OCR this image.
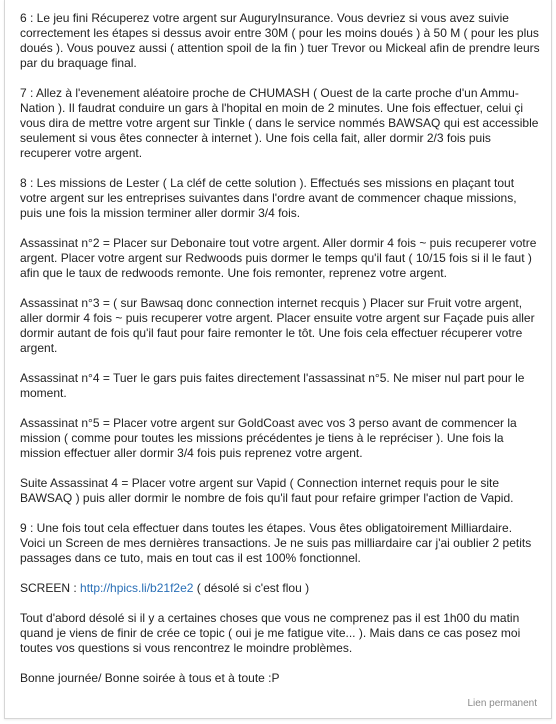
6 : Le jeu fini Récuperez votre argent sur AuguryInsurance. Vous devriez si vous avez suivie correctement les étapes si dessus avoir entre 30M ( pour les moins doués ) à 50 M ( pour les plus doués ). Vous pouvez aussi ( attention spoil de la fin ) tuer Trevor ou Mickeal afin de prendre leurs par du braquage final.

7 : Allez à l'evenement aléatoire proche de CHUMASH ( Ouest de la carte proche d'un Ammu-Nation ). Il faudrat conduire un gars à l'hopital en moin de 2 minutes. Une fois effectuer, celui çi vous dira de mettre votre argent sur Tinkle ( dans le service nommés BAWSAQ qui est accessible seulement si vous êtes connecter à internet ). Une fois cella fait, aller dormir 2/3 fois puis recuperer votre argent.

8 : Les missions de Lester ( La cléf de cette solution ). Effectués ses missions en plaçant tout votre argent sur les entreprises suivantes dans l'ordre avant de commencer chaque missions, puis une fois la mission terminer aller dormir 3/4 fois.

Assassinat n°2 = Placer sur Debonaire tout votre argent. Aller dormir 4 fois ~ puis recuperer votre argent. Placer votre argent sur Redwoods puis dormer le temps qu'il faut ( 10/15 fois si il le faut ) afin que le taux de redwoods remonte. Une fois remonter, reprenez votre argent.

Assassinat n°3 = ( sur Bawsaq donc connection internet recquis ) Placer sur Fruit votre argent, aller dormir 4 fois ~ puis recuperer votre argent. Placer ensuite votre argent sur Façade puis aller dormir autant de fois qu'il faut pour faire remonter le tôt. Une fois cela effectuer récuperer votre argent.

Assassinat n°4 = Tuer le gars puis faites directement l'assassinat n°5. Ne miser nul part pour le moment.

Assassinat n°5 = Placer votre argent sur GoldCoast avec vos 3 perso avant de commencer la mission ( comme pour toutes les missions précédentes je tiens à le repréciser ). Une fois la mission effectuer aller dormir 3/4 fois puis reprenez votre argent.

Suite Assassinat 4 = Placer votre argent sur Vapid ( Connection internet requis pour le site BAWSAQ ) puis aller dormir le nombre de fois qu'il faut pour refaire grimper l'action de Vapid.

9 : Une fois tout cela effectuer dans toutes les étapes. Vous êtes obligatoirement Milliardaire. Voici un Screen de mes dernières transactions. Je ne suis pas milliardaire car j'ai oublier 2 petits passages dans ce tuto, mais en tout cas il est 100% fonctionnel.

SCREEN : http://hpics.li/b21f2e2 ( désolé si c'est flou )

Tout d'abord désolé si il y a certaines choses que vous ne comprenez pas il est 1h00 du matin quand je viens de finir de crée ce topic ( oui je me fatigue vite... ). Mais dans ce cas posez moi toutes vos questions si vous rencontrez le moindre problèmes.

Bonne journée/ Bonne soirée à tous et à toute :P

Lien permanent
